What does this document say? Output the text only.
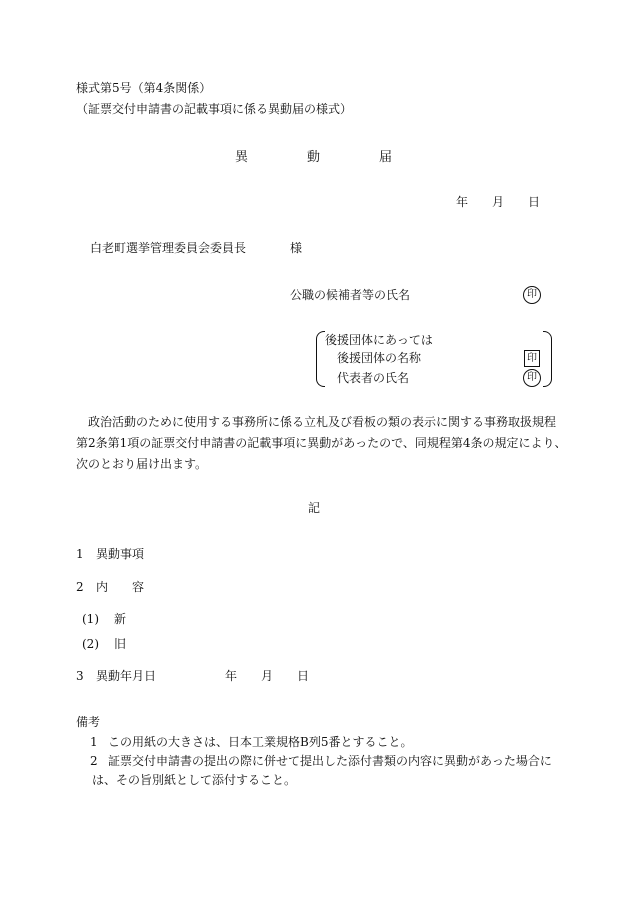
様式第5号（第4条関係）
（証票交付申請書の記載事項に係る異動届の様式）
異	動	届
年 月 日
白老町選挙管理委員会委員長	様
公職の候補者等の氏名	印
後援団体にあっては
後援団体の名称	印
代表者の氏名	印

　政治活動のために使用する事務所に係る立札及び看板の類の表示に関する事務取扱規程

第2条第1項の証票交付申請書の記載事項に異動があったので、同規程第4条の規定により、

次のとおり届け出ます。

記
1 異動事項
2 内 容
(1) 新
(2) 旧
3 異動年月日	年 月 日
備考
1 この用紙の大きさは、日本工業規格B列5番とすること。
2 証票交付申請書の提出の際に併せて提出した添付書類の内容に異動があった場合に
は、その旨別紙として添付すること。
